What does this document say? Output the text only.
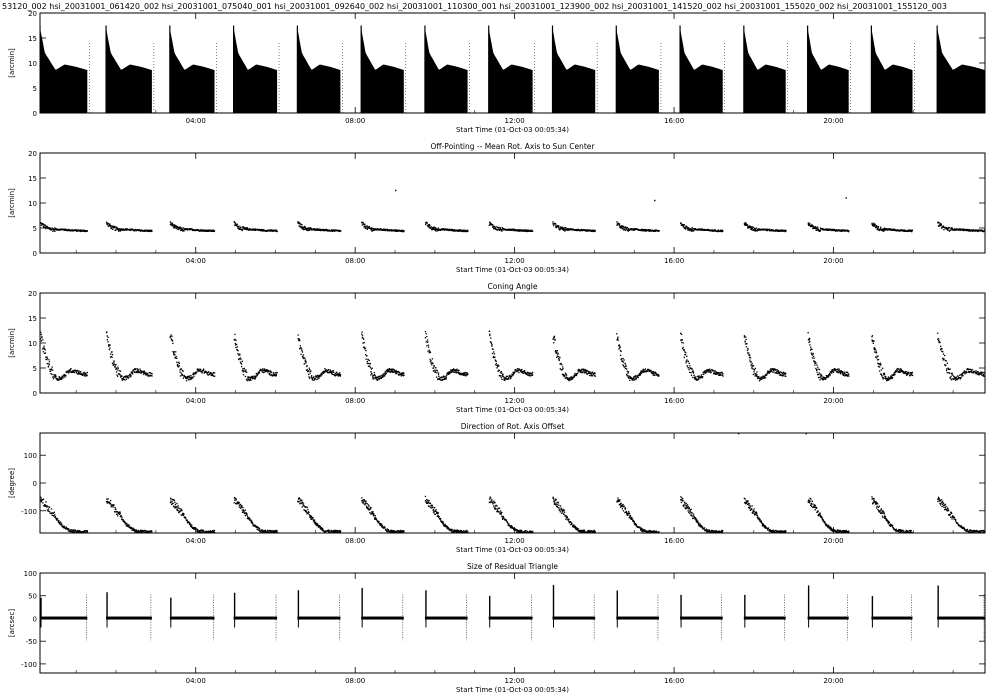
53120_002 hsi_20031001_061420_002 hsi_20031001_075040_001 hsi_20031001_092640_002 hsi_20031001_110300_001 hsi_20031001_123900_002 hsi_20031001_141520_002 hsi_20031001_155020_002 hsi_20031001_155120_003
0
5
10
15
20
[arcmin]
04:00	08:00	12:00	16:00	20:00
Start Time (01-Oct-03 00:05:34)
0
5
10
15
20
[arcmin]
Off-Pointing -- Mean Rot. Axis to Sun Center
04:00	08:00	12:00	16:00	20:00
Start Time (01-Oct-03 00:05:34)
0
5
10
15
20
[arcmin]
Coning Angle
04:00	08:00	12:00	16:00	20:00
Start Time (01-Oct-03 00:05:34)
-100
0
100
[degree]
Direction of Rot. Axis Offset
04:00	08:00	12:00	16:00	20:00
Start Time (01-Oct-03 00:05:34)
-100
-50
0
50
100
[arcsec]
Size of Residual Triangle
04:00	08:00	12:00	16:00	20:00
Start Time (01-Oct-03 00:05:34)
